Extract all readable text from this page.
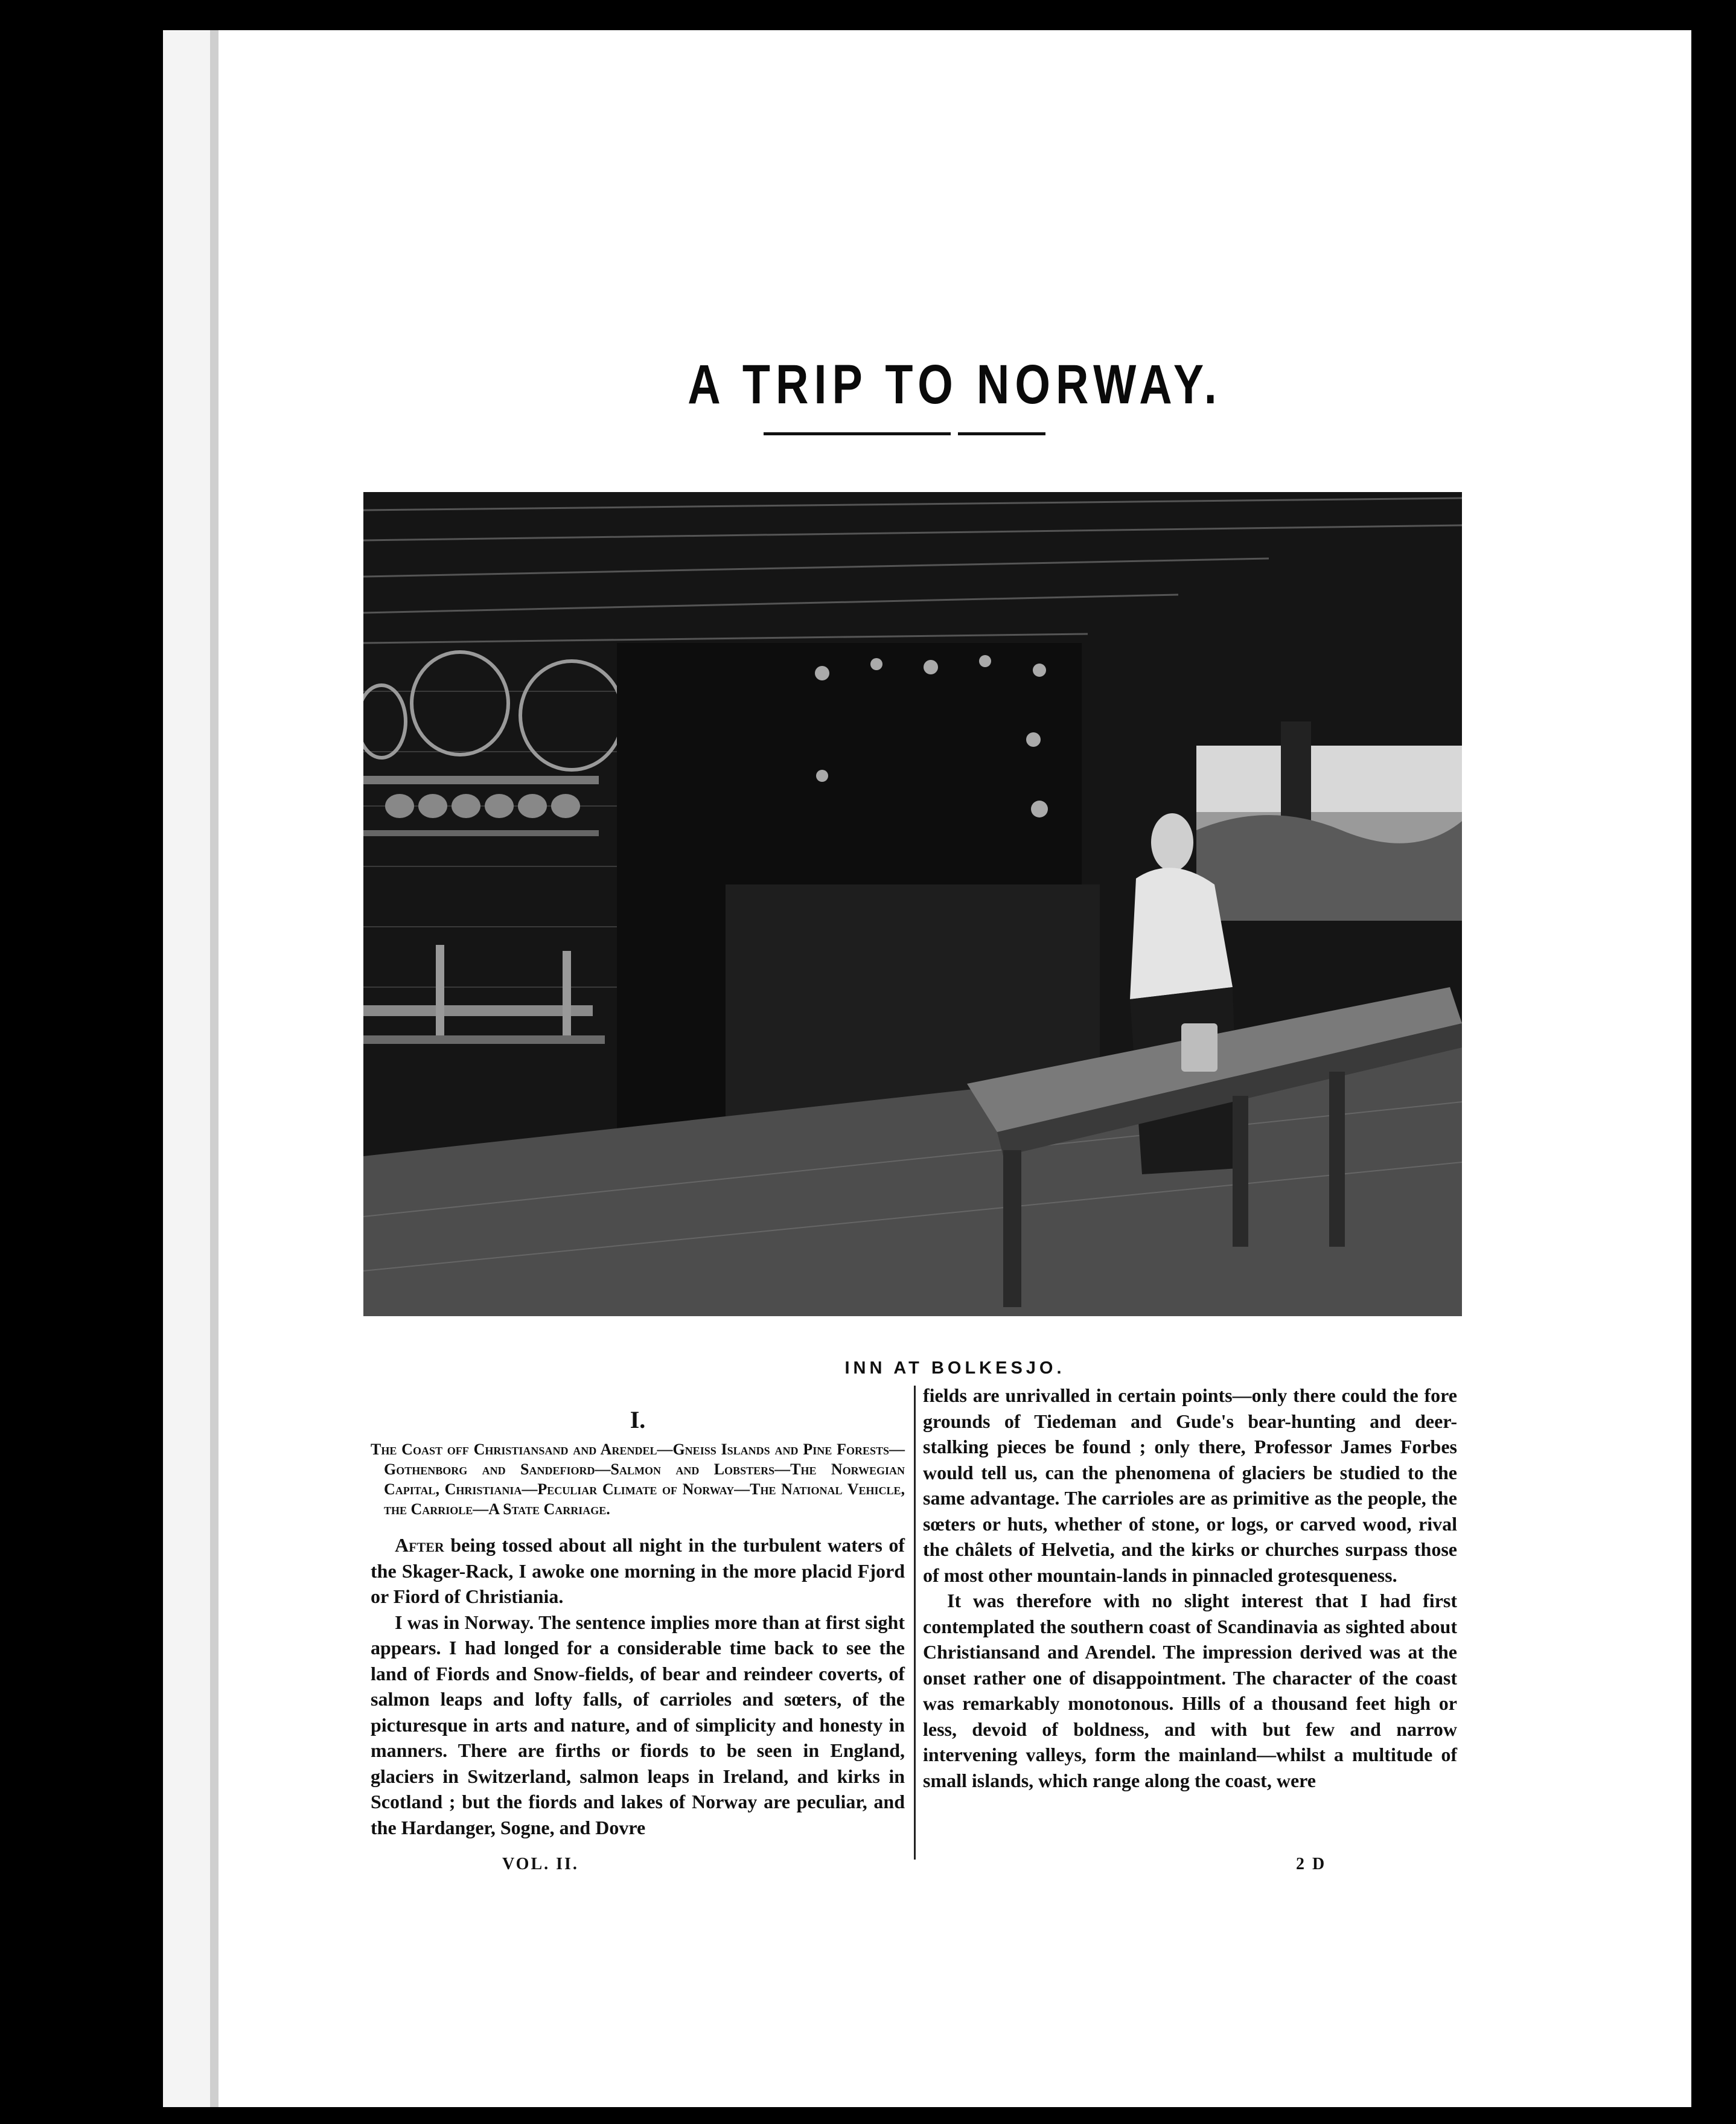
A TRIP TO NORWAY.
INN AT BOLKESJO.
I.
The Coast off Christiansand and Arendel—Gneiss Islands and Pine Forests—Gothenborg and Sandefiord—Salmon and Lobsters—The Norwegian Capital, Christiania—Peculiar Climate of Norway—The National Vehicle, the Carriole—A State Carriage.

After being tossed about all night in the turbulent waters of the Skager-Rack, I awoke one morning in the more placid Fjord or Fiord of Christiania.

I was in Norway. The sentence implies more than at first sight appears. I had longed for a considerable time back to see the land of Fiords and Snow-fields, of bear and reindeer coverts, of salmon leaps and lofty falls, of carrioles and sœters, of the picturesque in arts and nature, and of simplicity and honesty in manners. There are firths or fiords to be seen in England, glaciers in Switzerland, salmon leaps in Ireland, and kirks in Scotland ; but the fiords and lakes of Norway are peculiar, and the Hardanger, Sogne, and Dovre

fields are unrivalled in certain points—only there could the fore grounds of Tiedeman and Gude's bear-hunting and deer-stalking pieces be found ; only there, Professor James Forbes would tell us, can the phenomena of glaciers be studied to the same advantage. The carrioles are as primitive as the people, the sœters or huts, whether of stone, or logs, or carved wood, rival the châlets of Helvetia, and the kirks or churches surpass those of most other mountain-lands in pinnacled grotesqueness.

It was therefore with no slight interest that I had first contemplated the southern coast of Scandinavia as sighted about Christiansand and Arendel. The impression derived was at the onset rather one of disappointment. The character of the coast was remarkably monotonous. Hills of a thousand feet high or less, devoid of boldness, and with but few and narrow intervening valleys, form the mainland—whilst a multitude of small islands, which range along the coast, were

VOL. II.	2 D
